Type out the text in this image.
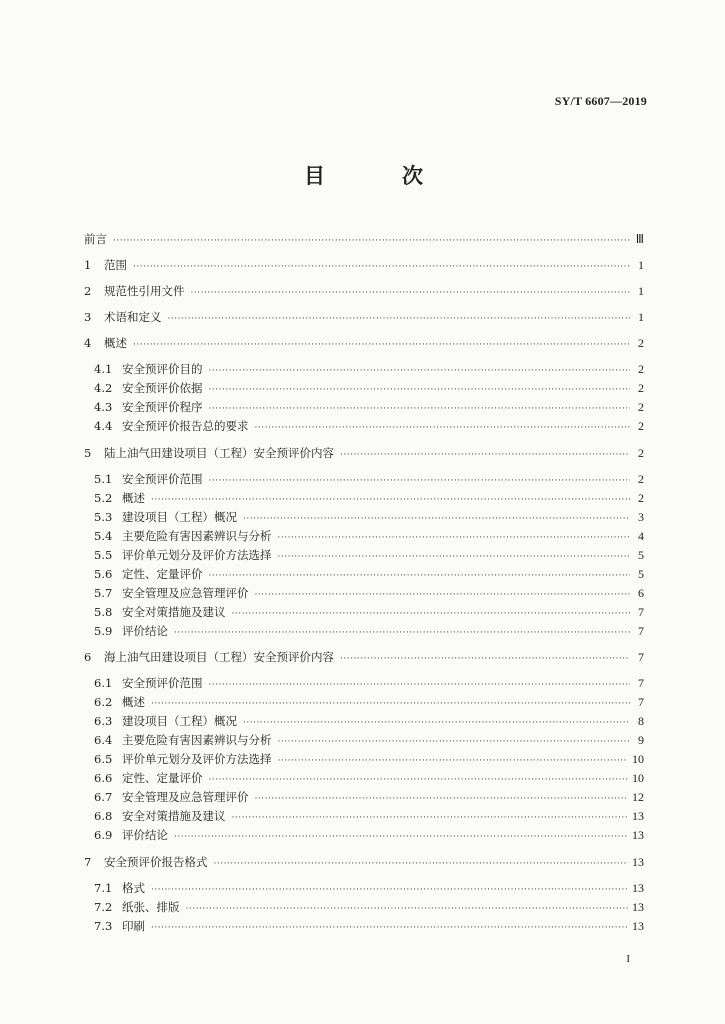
SY/T 6607—2019
目　次
前言 ·····	Ⅲ
1	范围 ·····	1
2	规范性引用文件 ·····	1
3	术语和定义 ·····	1
4	概述 ·····	2
4.1 安全预评价目的 ·····	2
4.2 安全预评价依据 ·····	2
4.3 安全预评价程序 ·····	2
4.4 安全预评价报告总的要求 ·····	2
5	陆上油气田建设项目（工程）安全预评价内容 ·····	2
5.1 安全预评价范围 ·····	2
5.2 概述 ·····	2
5.3 建设项目（工程）概况 ·····	3
5.4 主要危险有害因素辨识与分析 ·····	4
5.5 评价单元划分及评价方法选择 ·····	5
5.6 定性、定量评价 ·····	5
5.7 安全管理及应急管理评价 ·····	6
5.8 安全对策措施及建议 ·····	7
5.9 评价结论 ·····	7
6	海上油气田建设项目（工程）安全预评价内容 ·····	7
6.1 安全预评价范围 ·····	7
6.2 概述 ·····	7
6.3 建设项目（工程）概况 ·····	8
6.4 主要危险有害因素辨识与分析 ·····	9
6.5 评价单元划分及评价方法选择 ·····	10
6.6 定性、定量评价 ·····	10
6.7 安全管理及应急管理评价 ·····	12
6.8 安全对策措施及建议 ·····	13
6.9 评价结论 ·····	13
7	安全预评价报告格式 ·····	13
7.1 格式 ·····	13
7.2 纸张、排版 ·····	13
7.3 印刷 ·····	13
I
